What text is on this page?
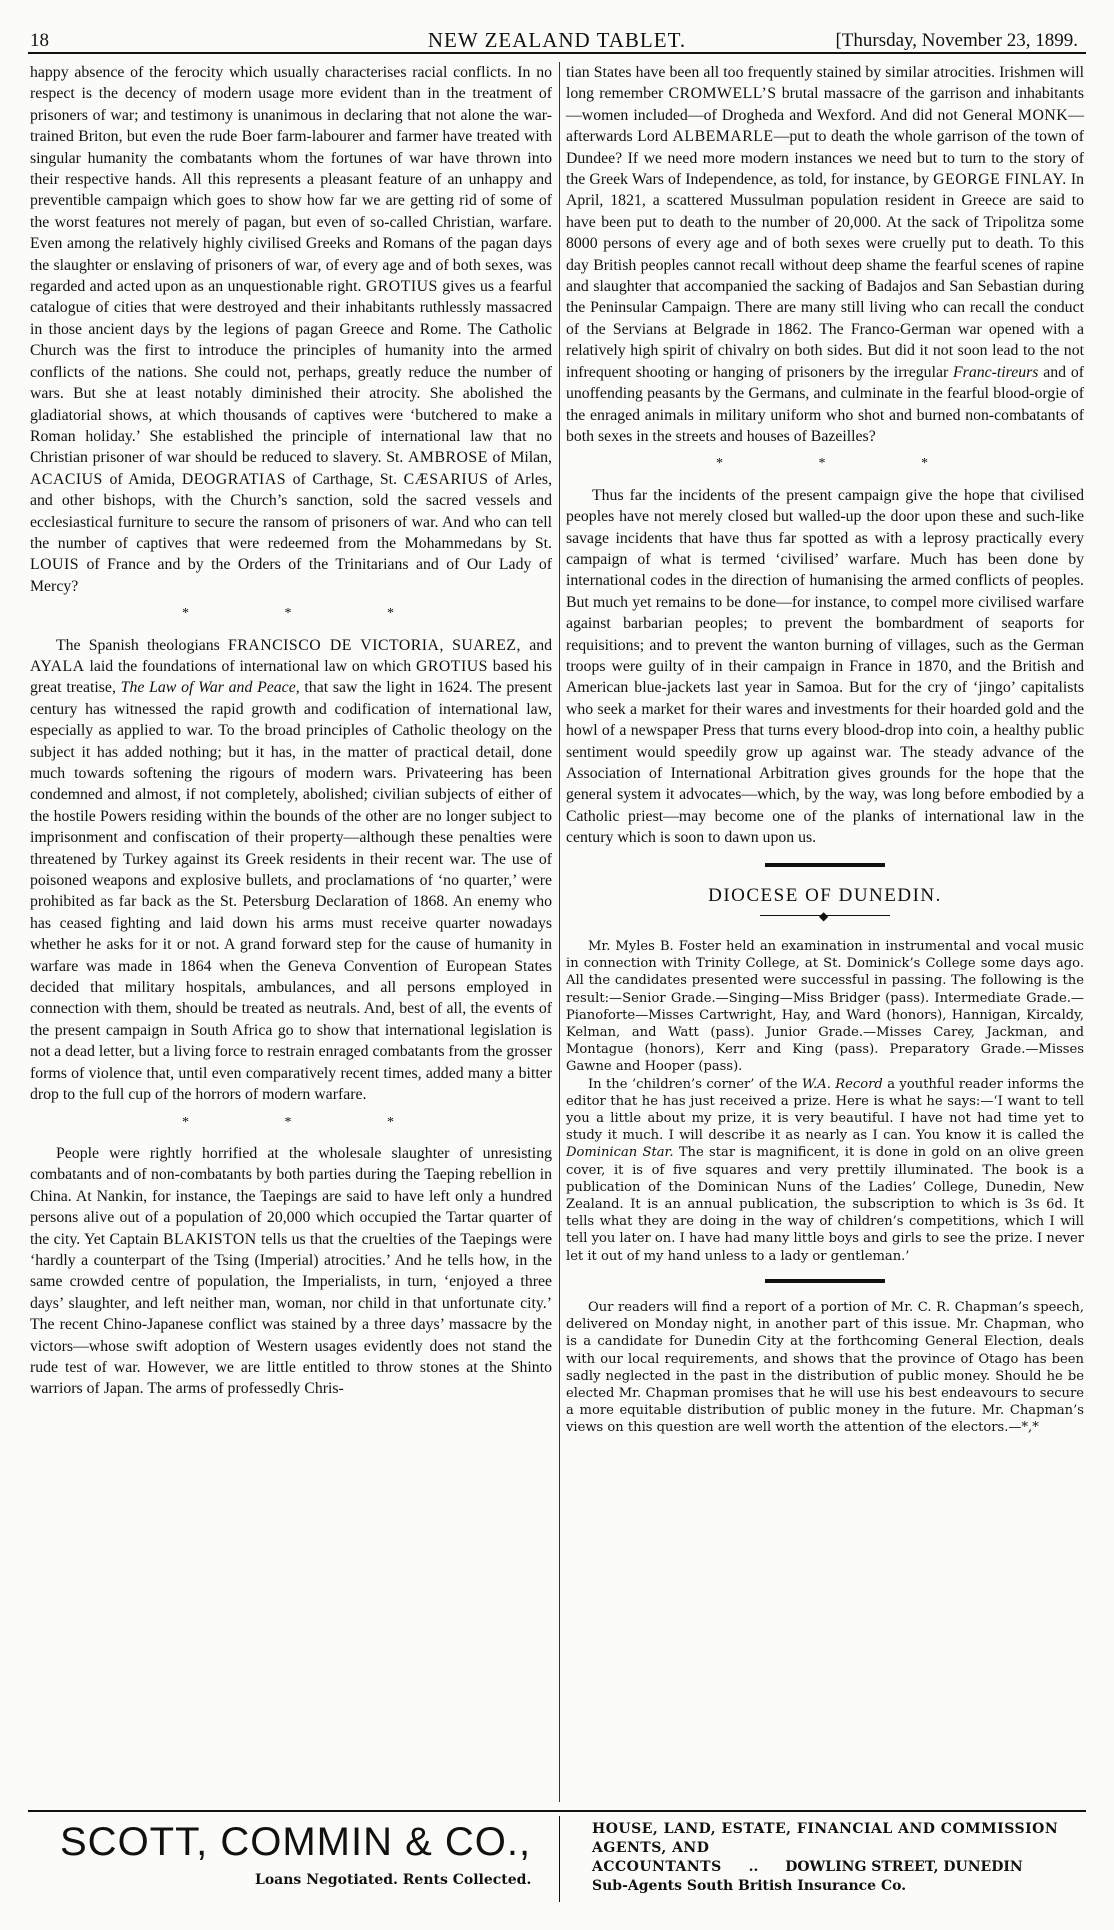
18	NEW ZEALAND TABLET.	[Thursday, November 23, 1899.

happy absence of the ferocity which usually characterises racial conflicts. In no respect is the decency of modern usage more evident than in the treatment of prisoners of war; and testimony is unanimous in declaring that not alone the war-trained Briton, but even the rude Boer farm-labourer and farmer have treated with singular humanity the combatants whom the fortunes of war have thrown into their respective hands. All this represents a pleasant feature of an unhappy and preventible campaign which goes to show how far we are getting rid of some of the worst features not merely of pagan, but even of so-called Christian, warfare. Even among the relatively highly civilised Greeks and Romans of the pagan days the slaughter or enslaving of prisoners of war, of every age and of both sexes, was regarded and acted upon as an unquestionable right. GROTIUS gives us a fearful catalogue of cities that were destroyed and their inhabitants ruthlessly massacred in those ancient days by the legions of pagan Greece and Rome. The Catholic Church was the first to introduce the principles of humanity into the armed conflicts of the nations. She could not, perhaps, greatly reduce the number of wars. But she at least notably diminished their atrocity. She abolished the gladiatorial shows, at which thousands of captives were ‘butchered to make a Roman holiday.’ She established the principle of international law that no Christian prisoner of war should be reduced to slavery. St. AMBROSE of Milan, ACACIUS of Amida, DEOGRATIAS of Carthage, St. CÆSARIUS of Arles, and other bishops, with the Church’s sanction, sold the sacred vessels and ecclesiastical furniture to secure the ransom of prisoners of war. And who can tell the number of captives that were redeemed from the Mohammedans by St. LOUIS of France and by the Orders of the Trinitarians and of Our Lady of Mercy?

* * *

The Spanish theologians FRANCISCO DE VICTORIA, SUAREZ, and AYALA laid the foundations of international law on which GROTIUS based his great treatise, The Law of War and Peace, that saw the light in 1624. The present century has witnessed the rapid growth and codification of international law, especially as applied to war. To the broad principles of Catholic theology on the subject it has added nothing; but it has, in the matter of practical detail, done much towards softening the rigours of modern wars. Privateering has been condemned and almost, if not completely, abolished; civilian subjects of either of the hostile Powers residing within the bounds of the other are no longer subject to imprisonment and confiscation of their property—although these penalties were threatened by Turkey against its Greek residents in their recent war. The use of poisoned weapons and explosive bullets, and proclamations of ‘no quarter,’ were prohibited as far back as the St. Petersburg Declaration of 1868. An enemy who has ceased fighting and laid down his arms must receive quarter nowadays whether he asks for it or not. A grand forward step for the cause of humanity in warfare was made in 1864 when the Geneva Convention of European States decided that military hospitals, ambulances, and all persons employed in connection with them, should be treated as neutrals. And, best of all, the events of the present campaign in South Africa go to show that international legislation is not a dead letter, but a living force to restrain enraged combatants from the grosser forms of violence that, until even comparatively recent times, added many a bitter drop to the full cup of the horrors of modern warfare.

* * *

People were rightly horrified at the wholesale slaughter of unresisting combatants and of non-combatants by both parties during the Taeping rebellion in China. At Nankin, for instance, the Taepings are said to have left only a hundred persons alive out of a population of 20,000 which occupied the Tartar quarter of the city. Yet Captain BLAKISTON tells us that the cruelties of the Taepings were ‘hardly a counterpart of the Tsing (Imperial) atrocities.’ And he tells how, in the same crowded centre of population, the Imperialists, in turn, ‘enjoyed a three days’ slaughter, and left neither man, woman, nor child in that unfortunate city.’ The recent Chino-Japanese conflict was stained by a three days’ massacre by the victors—whose swift adoption of Western usages evidently does not stand the rude test of war. However, we are little entitled to throw stones at the Shinto warriors of Japan. The arms of professedly Chris-

tian States have been all too frequently stained by similar atrocities. Irishmen will long remember CROMWELL’S brutal massacre of the garrison and inhabitants—women included—of Drogheda and Wexford. And did not General MONK—afterwards Lord ALBEMARLE—put to death the whole garrison of the town of Dundee? If we need more modern instances we need but to turn to the story of the Greek Wars of Independence, as told, for instance, by GEORGE FINLAY. In April, 1821, a scattered Mussulman population resident in Greece are said to have been put to death to the number of 20,000. At the sack of Tripolitza some 8000 persons of every age and of both sexes were cruelly put to death. To this day British peoples cannot recall without deep shame the fearful scenes of rapine and slaughter that accompanied the sacking of Badajos and San Sebastian during the Peninsular Campaign. There are many still living who can recall the conduct of the Servians at Belgrade in 1862. The Franco-German war opened with a relatively high spirit of chivalry on both sides. But did it not soon lead to the not infrequent shooting or hanging of prisoners by the irregular Franc-tireurs and of unoffending peasants by the Germans, and culminate in the fearful blood-orgie of the enraged animals in military uniform who shot and burned non-combatants of both sexes in the streets and houses of Bazeilles?

* * *

Thus far the incidents of the present campaign give the hope that civilised peoples have not merely closed but walled-up the door upon these and such-like savage incidents that have thus far spotted as with a leprosy practically every campaign of what is termed ‘civilised’ warfare. Much has been done by international codes in the direction of humanising the armed conflicts of peoples. But much yet remains to be done—for instance, to compel more civilised warfare against barbarian peoples; to prevent the bombardment of seaports for requisitions; and to prevent the wanton burning of villages, such as the German troops were guilty of in their campaign in France in 1870, and the British and American blue-jackets last year in Samoa. But for the cry of ‘jingo’ capitalists who seek a market for their wares and investments for their hoarded gold and the howl of a newspaper Press that turns every blood-drop into coin, a healthy public sentiment would speedily grow up against war. The steady advance of the Association of International Arbitration gives grounds for the hope that the general system it advocates—which, by the way, was long before embodied by a Catholic priest—may become one of the planks of international law in the century which is soon to dawn upon us.

DIOCESE OF DUNEDIN.
◆

Mr. Myles B. Foster held an examination in instrumental and vocal music in connection with Trinity College, at St. Dominick’s College some days ago. All the candidates presented were successful in passing. The following is the result:—Senior Grade.—Singing—Miss Bridger (pass). Intermediate Grade.—Pianoforte—Misses Cartwright, Hay, and Ward (honors), Hannigan, Kircaldy, Kelman, and Watt (pass). Junior Grade.—Misses Carey, Jackman, and Montague (honors), Kerr and King (pass). Preparatory Grade.—Misses Gawne and Hooper (pass).

In the ‘children’s corner’ of the W.A. Record a youthful reader informs the editor that he has just received a prize. Here is what he says:—‘I want to tell you a little about my prize, it is very beautiful. I have not had time yet to study it much. I will describe it as nearly as I can. You know it is called the Dominican Star. The star is magnificent, it is done in gold on an olive green cover, it is of five squares and very prettily illuminated. The book is a publication of the Dominican Nuns of the Ladies’ College, Dunedin, New Zealand. It is an annual publication, the subscription to which is 3s 6d. It tells what they are doing in the way of children’s competitions, which I will tell you later on. I have had many little boys and girls to see the prize. I never let it out of my hand unless to a lady or gentleman.’

Our readers will find a report of a portion of Mr. C. R. Chapman’s speech, delivered on Monday night, in another part of this issue. Mr. Chapman, who is a candidate for Dunedin City at the forthcoming General Election, deals with our local requirements, and shows that the province of Otago has been sadly neglected in the past in the distribution of public money. Should he be elected Mr. Chapman promises that he will use his best endeavours to secure a more equitable distribution of public money in the future. Mr. Chapman’s views on this question are well worth the attention of the electors.—*,*

SCOTT, COMMIN & CO.,
Loans Negotiated. Rents Collected.
HOUSE, LAND, ESTATE, FINANCIAL AND COMMISSION AGENTS, AND
ACCOUNTANTS .. DOWLING STREET, DUNEDIN
Sub-Agents South British Insurance Co.
